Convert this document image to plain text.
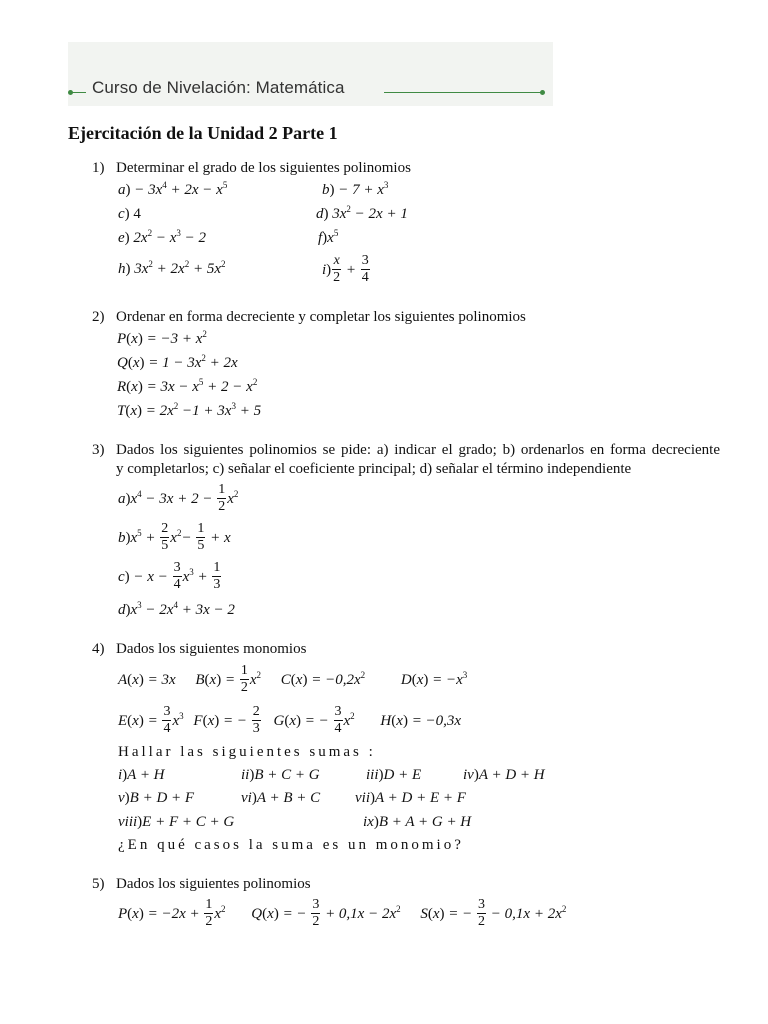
Curso de Nivelación: Matemática
Ejercitación de la Unidad 2 Parte 1
1) Determinar el grado de los siguientes polinomios
$a) - 3x^4 + 2x - x^5$	$b) - 7 + x^3$
c) 4	d) $3x^2 - 2x + 1$
e) $2x^2 - x^3 - 2$	$f)x^5$
h) $3x^2 + 2x^2 + 5x^2$	$i) \frac{x}{2} + \frac{3}{4}$
2) Ordenar en forma decreciente y completar los siguientes polinomios
$P(x) = -3 + x^2$
$Q(x) = 1 - 3x^2 + 2x$
$R(x) = 3x - x^5 + 2 - x^2$
$T(x) = 2x^2 -1 + 3x^3 + 5$
3) Dados los siguientes polinomios se pide: a) indicar el grado; b) ordenarlos en forma decreciente
y completarlos; c) señalar el coeficiente principal; d) señalar el término independiente
$a)x^4 - 3x + 2 - \frac{1}{2} x^2$
$b)x^5 + \frac{2}{5} x^2- \frac{1}{5} + x$
$c) - x - \frac{3}{4} x^3 + \frac{1}{3}$
$d)x^3 - 2x^4 + 3x - 2$
4) Dados los siguientes monomios
A(x) = 3x $B(x) = \frac{1}{2} x^2$ $C(x) = -0,2x^2$ $D(x) = -x^3$
$E(x) = \frac{3}{4} x^3$ F(x) = − $\frac{2}{3} G(x)$ = − $\frac{3}{4} x^2$ H(x) = −0,3x
Hallar las siguientes sumas :
i)A + H	ii)B + C + G	iii)D + E	iv)A + D + H
v)B + D + F	vi)A + B + C vii)A + D + E + F
viii)E + F + C + G	ix)B + A + G + H
¿En qué casos la suma es un monomio?
5) Dados los siguientes polinomios
$P(x) = -2x + \frac{1}{2} x^2$ Q(x) = − $\frac{3}{2} + 0,1x - 2x^2$ S(x) = − $\frac{3}{2} - 0,1x + 2x^2$
